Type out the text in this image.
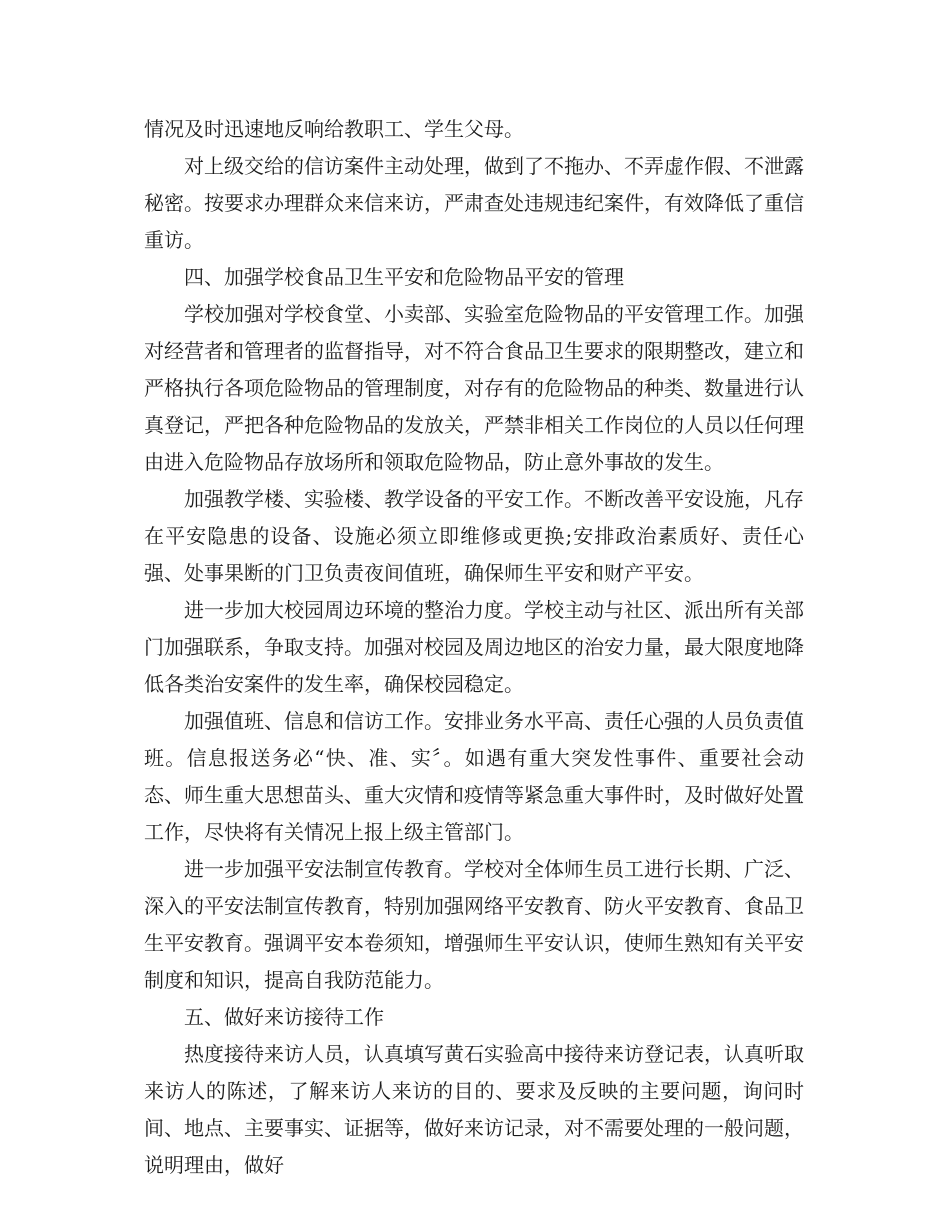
情况及时迅速地反响给教职工、学生父母。

对上级交给的信访案件主动处理，做到了不拖办、不弄虚作假、不泄露秘密。按要求办理群众来信来访，严肃查处违规违纪案件，有效降低了重信重访。

四、加强学校食品卫生平安和危险物品平安的管理

学校加强对学校食堂、小卖部、实验室危险物品的平安管理工作。加强对经营者和管理者的监督指导，对不符合食品卫生要求的限期整改，建立和严格执行各项危险物品的管理制度，对存有的危险物品的种类、数量进行认真登记，严把各种危险物品的发放关，严禁非相关工作岗位的人员以任何理由进入危险物品存放场所和领取危险物品，防止意外事故的发生。

加强教学楼、实验楼、教学设备的平安工作。不断改善平安设施，凡存在平安隐患的设备、设施必须立即维修或更换;安排政治素质好、责任心强、处事果断的门卫负责夜间值班，确保师生平安和财产平安。

进一步加大校园周边环境的整治力度。学校主动与社区、派出所有关部门加强联系，争取支持。加强对校园及周边地区的治安力量，最大限度地降低各类治安案件的发生率，确保校园稳定。

加强值班、信息和信访工作。安排业务水平高、责任心强的人员负责值班。信息报送务必“快、准、实〞。如遇有重大突发性事件、重要社会动态、师生重大思想苗头、重大灾情和疫情等紧急重大事件时，及时做好处置工作，尽快将有关情况上报上级主管部门。

进一步加强平安法制宣传教育。学校对全体师生员工进行长期、广泛、深入的平安法制宣传教育，特别加强网络平安教育、防火平安教育、食品卫生平安教育。强调平安本卷须知，增强师生平安认识，使师生熟知有关平安制度和知识，提高自我防范能力。

五、做好来访接待工作

热度接待来访人员，认真填写黄石实验高中接待来访登记表，认真听取来访人的陈述，了解来访人来访的目的、要求及反映的主要问题，询问时间、地点、主要事实、证据等，做好来访记录，对不需要处理的一般问题，说明理由，做好
